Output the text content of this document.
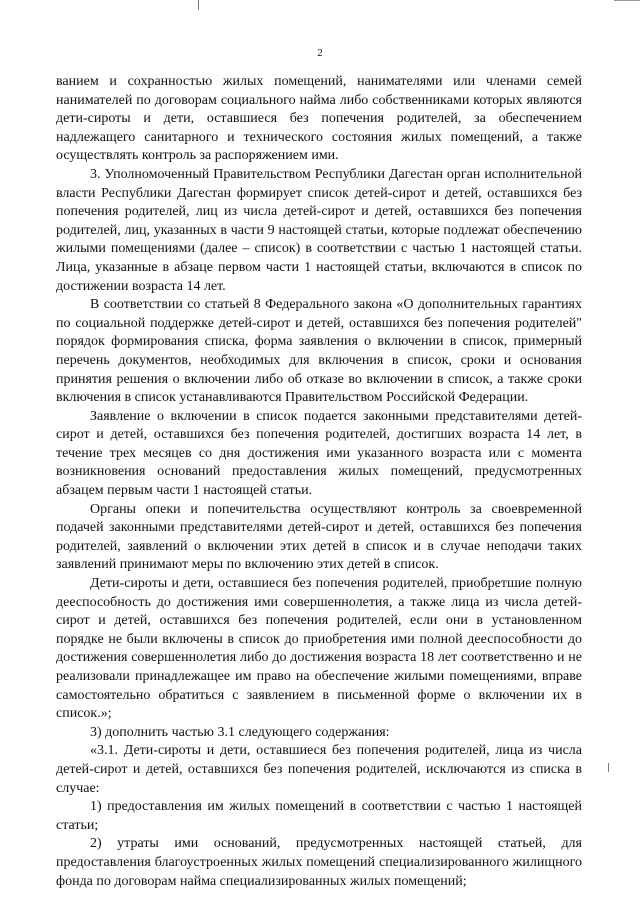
2

ванием и сохранностью жилых помещений, нанимателями или членами семей нанимателей по договорам социального найма либо собственниками которых являются дети-сироты и дети, оставшиеся без попечения родителей, за обеспечением надлежащего санитарного и технического состояния жилых помещений, а также осуществлять контроль за распоряжением ими.

3. Уполномоченный Правительством Республики Дагестан орган исполнительной власти Республики Дагестан формирует список детей-сирот и детей, оставшихся без попечения родителей, лиц из числа детей-сирот и детей, оставшихся без попечения родителей, лиц, указанных в части 9 настоящей статьи, которые подлежат обеспечению жилыми помещениями (далее – список) в соответствии с частью 1 настоящей статьи. Лица, указанные в абзаце первом части 1 настоящей статьи, включаются в список по достижении возраста 14 лет.

В соответствии со статьей 8 Федерального закона «О дополнительных гарантиях по социальной поддержке детей-сирот и детей, оставшихся без попечения родителей" порядок формирования списка, форма заявления о включении в список, примерный перечень документов, необходимых для включения в список, сроки и основания принятия решения о включении либо об отказе во включении в список, а также сроки включения в список устанавливаются Правительством Российской Федерации.

Заявление о включении в список подается законными представителями детей-сирот и детей, оставшихся без попечения родителей, достигших возраста 14 лет, в течение трех месяцев со дня достижения ими указанного возраста или с момента возникновения оснований предоставления жилых помещений, предусмотренных абзацем первым части 1 настоящей статьи.

Органы опеки и попечительства осуществляют контроль за своевременной подачей законными представителями детей-сирот и детей, оставшихся без попечения родителей, заявлений о включении этих детей в список и в случае неподачи таких заявлений принимают меры по включению этих детей в список.

Дети-сироты и дети, оставшиеся без попечения родителей, приобретшие полную дееспособность до достижения ими совершеннолетия, а также лица из числа детей-сирот и детей, оставшихся без попечения родителей, если они в установленном порядке не были включены в список до приобретения ими полной дееспособности до достижения совершеннолетия либо до достижения возраста 18 лет соответственно и не реализовали принадлежащее им право на обеспечение жилыми помещениями, вправе самостоятельно обратиться с заявлением в письменной форме о включении их в список.»;

3) дополнить частью 3.1 следующего содержания:

«3.1. Дети-сироты и дети, оставшиеся без попечения родителей, лица из числа детей-сирот и детей, оставшихся без попечения родителей, исключаются из списка в случае:

1) предоставления им жилых помещений в соответствии с частью 1 настоящей статьи;

2) утраты ими оснований, предусмотренных настоящей статьей, для предоставления благоустроенных жилых помещений специализированного жилищного фонда по договорам найма специализированных жилых помещений;
